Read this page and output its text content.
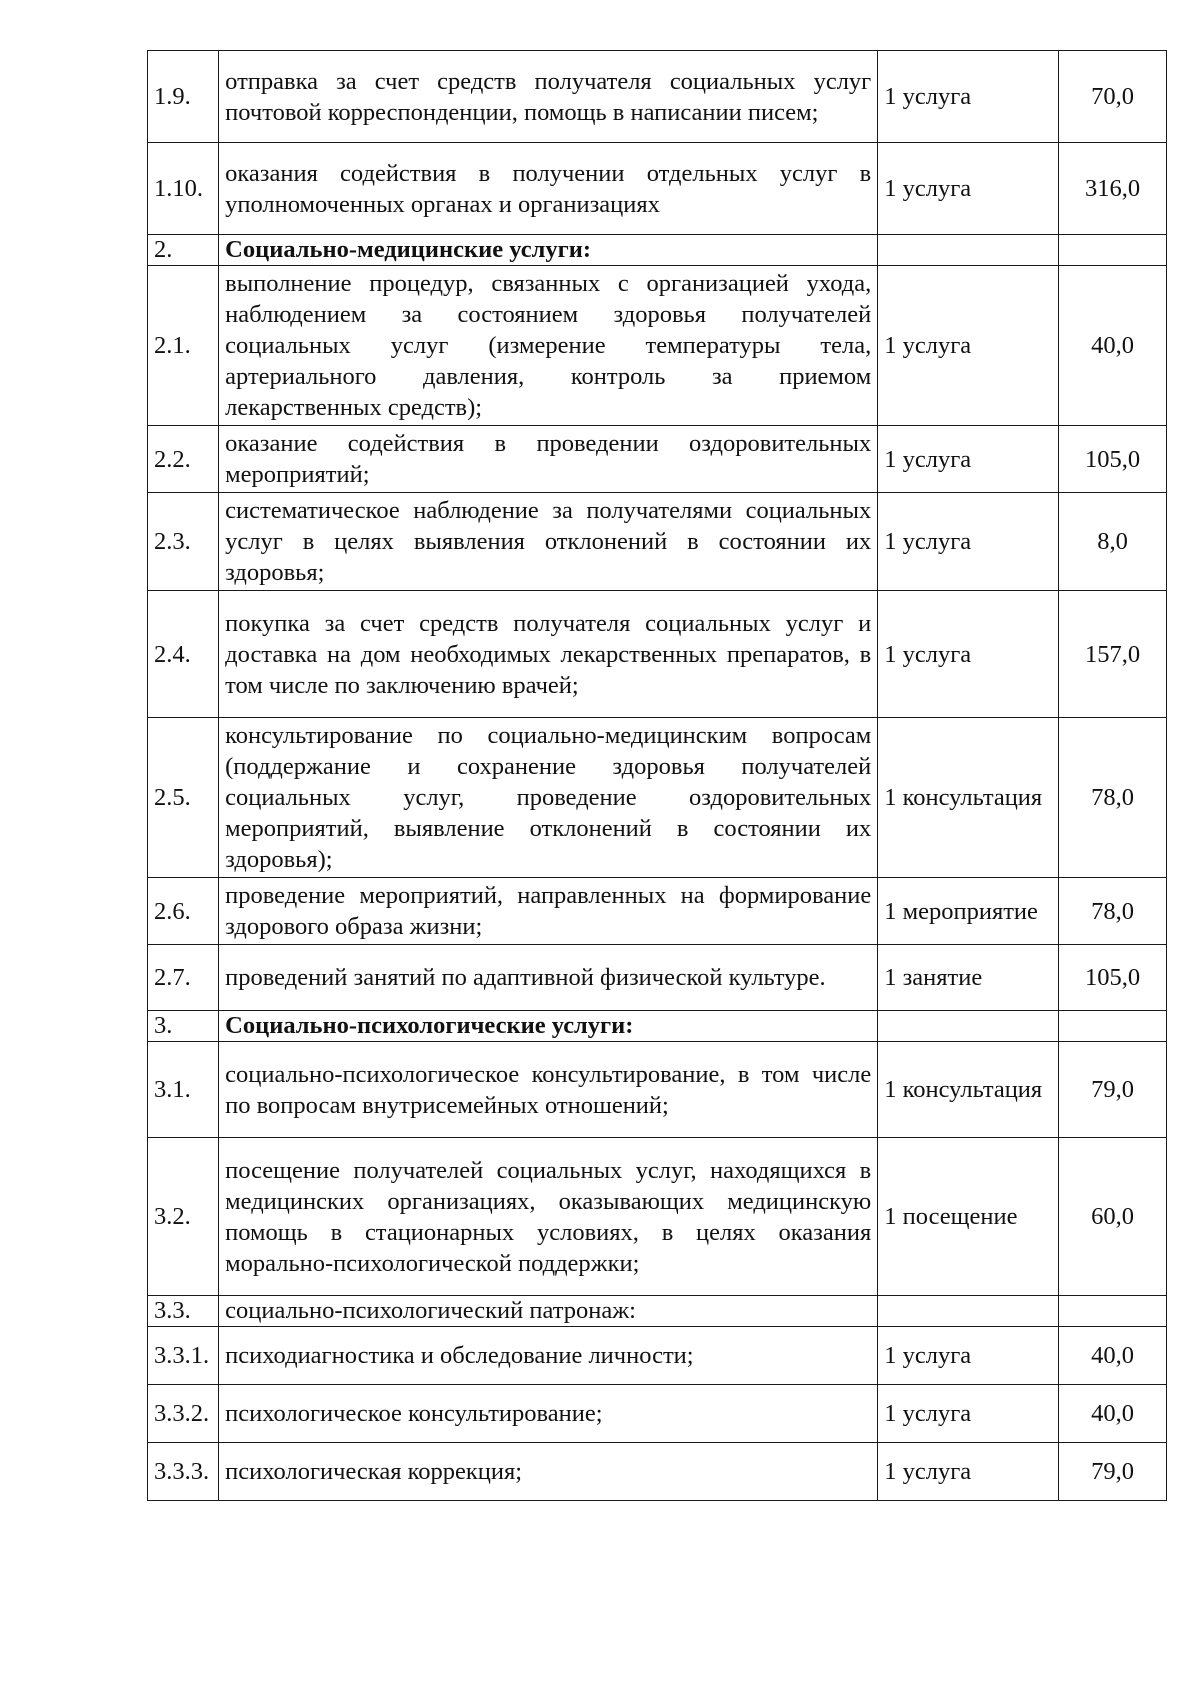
1.9.	отправка за счет средств получателя социальных услуг почтовой корреспонденции, помощь в написании писем;	1 услуга	70,0
1.10.	оказания содействия в получении отдельных услуг в уполномоченных органах и организациях	1 услуга	316,0
2.	Социально-медицинские услуги:		
2.1.	выполнение процедур, связанных с организацией ухода, наблюдением за состоянием здоровья получателей социальных услуг (измерение температуры тела, артериального давления, контроль за приемом лекарственных средств);	1 услуга	40,0
2.2.	оказание содействия в проведении оздоровительных мероприятий;	1 услуга	105,0
2.3.	систематическое наблюдение за получателями социальных услуг в целях выявления отклонений в состоянии их здоровья;	1 услуга	8,0
2.4.	покупка за счет средств получателя социальных услуг и доставка на дом необходимых лекарственных препаратов, в том числе по заключению врачей;	1 услуга	157,0
2.5.	консультирование по социально-медицинским вопросам (поддержание и сохранение здоровья получателей социальных услуг, проведение оздоровительных мероприятий, выявление отклонений в состоянии их здоровья);	1 консультация	78,0
2.6.	проведение мероприятий, направленных на формирование здорового образа жизни;	1 мероприятие	78,0
2.7.	проведений занятий по адаптивной физической культуре.	1 занятие	105,0
3.	Социально-психологические услуги:		
3.1.	социально-психологическое консультирование, в том числе по вопросам внутрисемейных отношений;	1 консультация	79,0
3.2.	посещение получателей социальных услуг, находящихся в медицинских организациях, оказывающих медицинскую помощь в стационарных условиях, в целях оказания морально-психологической поддержки;	1 посещение	60,0
3.3.	социально-психологический патронаж:		
3.3.1.	психодиагностика и обследование личности;	1 услуга	40,0
3.3.2.	психологическое консультирование;	1 услуга	40,0
3.3.3.	психологическая коррекция;	1 услуга	79,0
